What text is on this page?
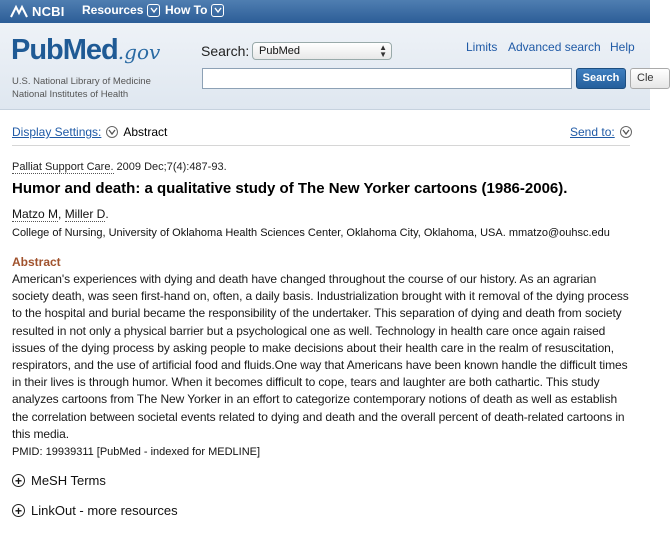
NCBI Resources How To
PubMed.gov
U.S. National Library of Medicine
National Institutes of Health
Search: PubMed	▲
▼
Search	Cle
Limits Advanced search Help
Display Settings: Abstract	Send to:
Palliat Support Care. 2009 Dec;7(4):487-93.
Humor and death: a qualitative study of The New Yorker cartoons (1986-2006).
Matzo M, Miller D.
College of Nursing, University of Oklahoma Health Sciences Center, Oklahoma City, Oklahoma, USA. mmatzo@ouhsc.edu
Abstract
American's experiences with dying and death have changed throughout the course of our history. As an agrarian society death, was seen first-hand on, often, a daily basis. Industrialization brought with it removal of the dying process to the hospital and burial became the responsibility of the undertaker. This separation of dying and death from society resulted in not only a physical barrier but a psychological one as well. Technology in health care once again raised issues of the dying process by asking people to make decisions about their health care in the realm of resuscitation, respirators, and the use of artificial food and fluids.One way that Americans have been known handle the difficult times in their lives is through humor. When it becomes difficult to cope, tears and laughter are both cathartic. This study analyzes cartoons from The New Yorker in an effort to categorize contemporary notions of death as well as establish the correlation between societal events related to dying and death and the overall percent of death-related cartoons in this media.
PMID: 19939311 [PubMed - indexed for MEDLINE]
+ MeSH Terms
+ LinkOut - more resources
